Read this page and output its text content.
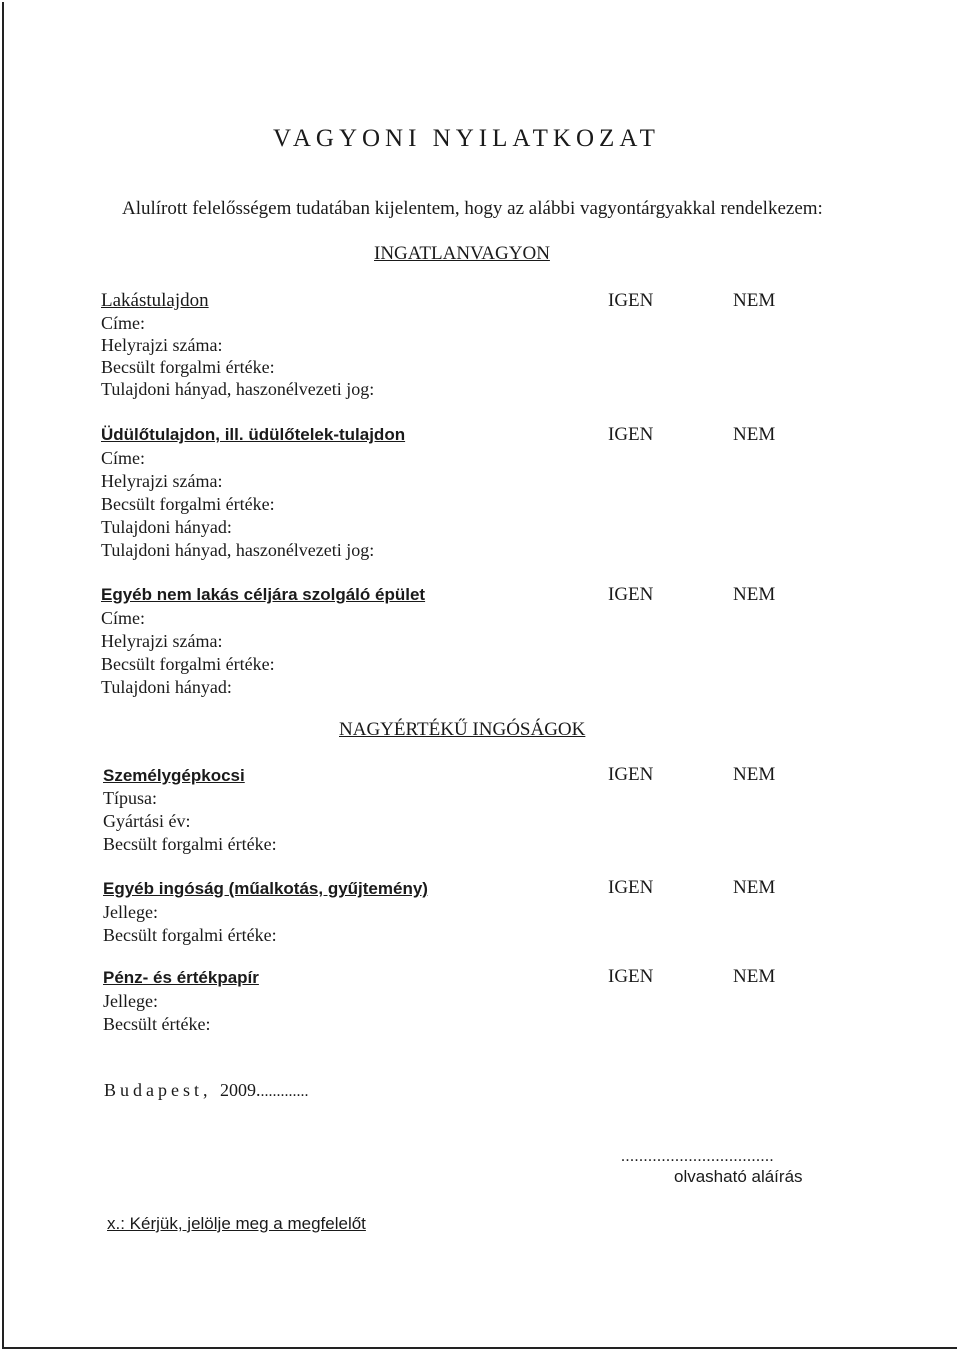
VAGYONI NYILATKOZAT
Alulírott felelősségem tudatában kijelentem, hogy az alábbi vagyontárgyakkal rendelkezem:
INGATLANVAGYON
Lakástulajdon	IGEN	NEM
Címe:
Helyrajzi száma:
Becsült forgalmi értéke:
Tulajdoni hányad, haszonélvezeti jog:
Üdülőtulajdon, ill. üdülőtelek-tulajdon	IGEN	NEM
Címe:
Helyrajzi száma:
Becsült forgalmi értéke:
Tulajdoni hányad:
Tulajdoni hányad, haszonélvezeti jog:
Egyéb nem lakás céljára szolgáló épület	IGEN	NEM
Címe:
Helyrajzi száma:
Becsült forgalmi értéke:
Tulajdoni hányad:
NAGYÉRTÉKŰ INGÓSÁGOK
Személygépkocsi	IGEN	NEM
Típusa:
Gyártási év:
Becsült forgalmi értéke:
Egyéb ingóság (műalkotás, gyűjtemény)	IGEN	NEM
Jellege:
Becsült forgalmi értéke:
Pénz- és értékpapír	IGEN	NEM
Jellege:
Becsült értéke:
Budapest, 2009.............
..................................
olvasható aláírás
x.: Kérjük, jelölje meg a megfelelőt
